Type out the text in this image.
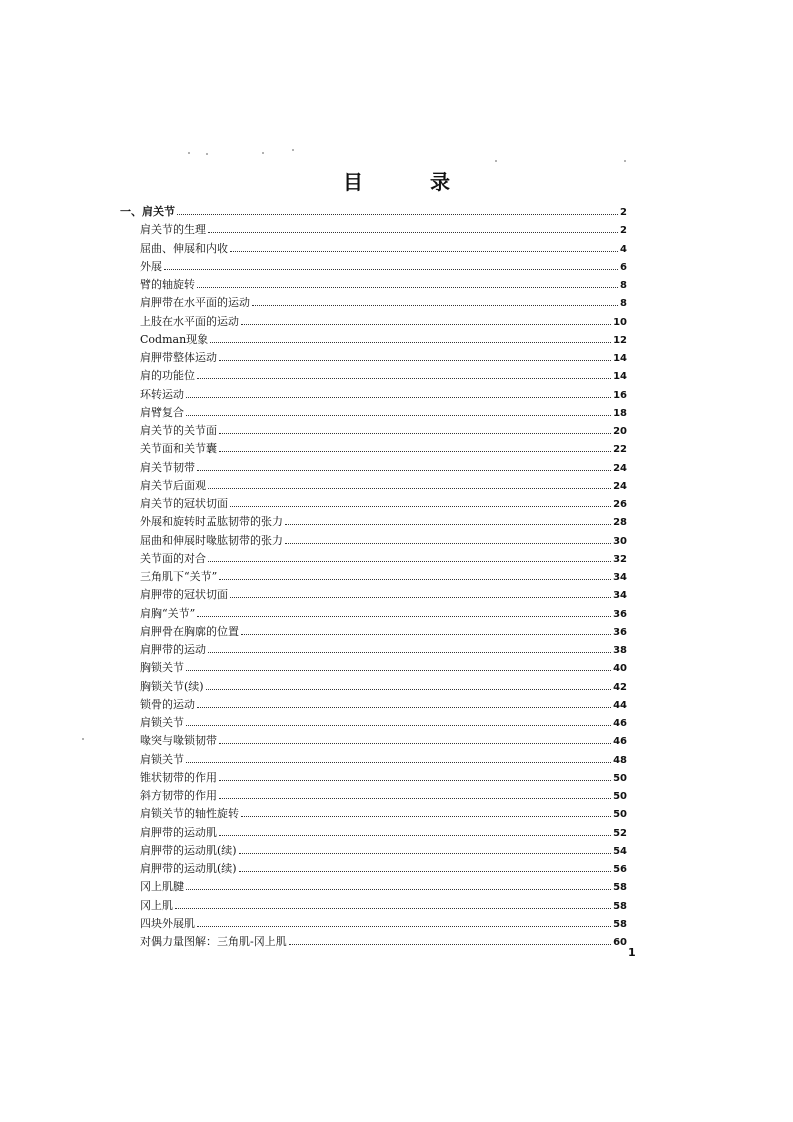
目 录
一、肩关节	2
肩关节的生理	2
屈曲、伸展和内收	4
外展	6
臂的轴旋转	8
肩胛带在水平面的运动	8
上肢在水平面的运动	10
Codman现象	12
肩胛带整体运动	14
肩的功能位	14
环转运动	16
肩臂复合	18
肩关节的关节面	20
关节面和关节囊	22
肩关节韧带	24
肩关节后面观	24
肩关节的冠状切面	26
外展和旋转时孟肱韧带的张力	28
屈曲和伸展时喙肱韧带的张力	30
关节面的对合	32
三角肌下“关节”	34
肩胛带的冠状切面	34
肩胸“关节”	36
肩胛骨在胸廓的位置	36
肩胛带的运动	38
胸锁关节	40
胸锁关节(续)	42
锁骨的运动	44
肩锁关节	46
喙突与喙锁韧带	46
肩锁关节	48
锥状韧带的作用	50
斜方韧带的作用	50
肩锁关节的轴性旋转	50
肩胛带的运动肌	52
肩胛带的运动肌(续)	54
肩胛带的运动肌(续)	56
冈上肌腱	58
冈上肌	58
四块外展肌	58
对偶力量图解：三角肌-冈上肌	60
1
